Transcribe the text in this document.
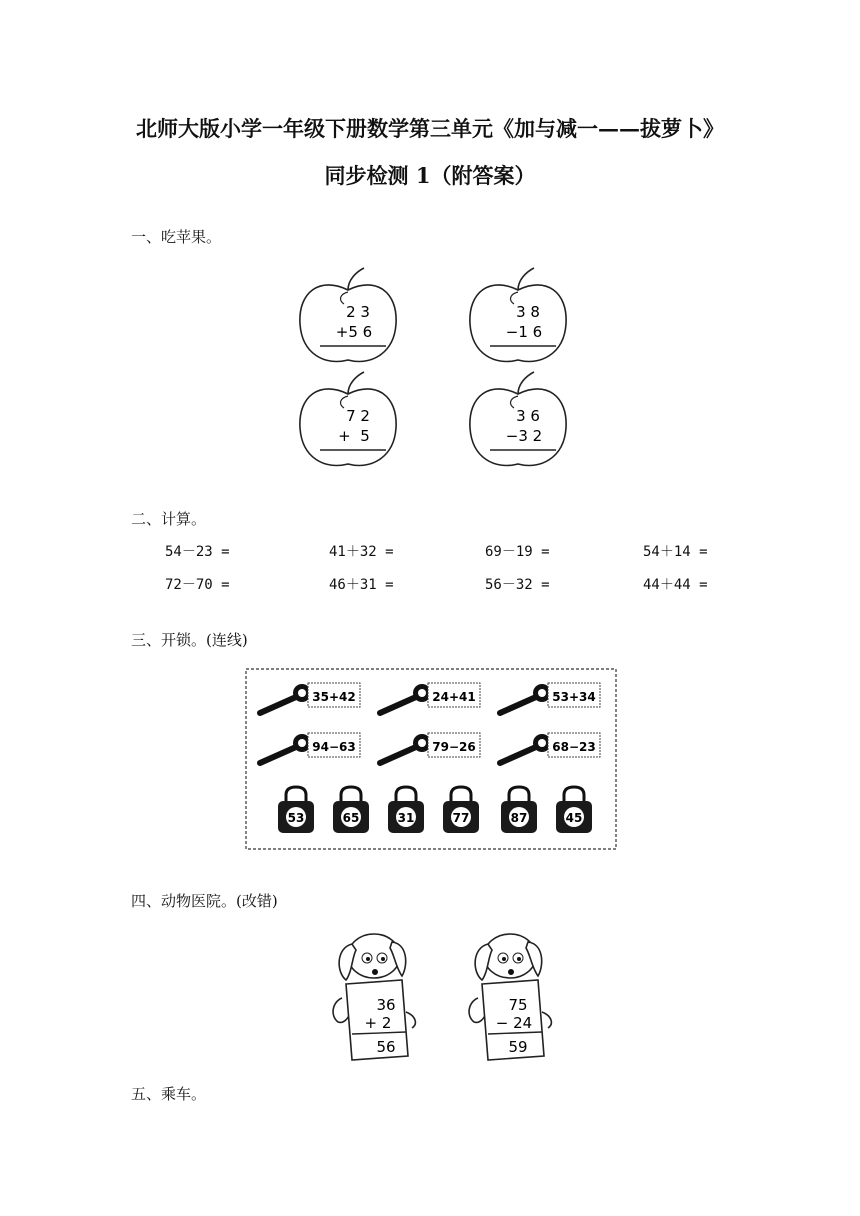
北师大版小学一年级下册数学第三单元《加与减一——拔萝卜》
同步检测 1（附答案）
一、吃苹果。
2 3
+5 6
3 8
−1 6
7 2
+  5
3 6
−3 2
二、计算。
54－23 =	41＋32 =	69－19 =	54＋14 =
72－70 =	46＋31 =	56－32 =	44＋44 =
三、开锁。(连线)
35+42	24+41	53+34
94−63	79−26	68−23
53	65	31	77	87	45
四、动物医院。(改错)
36
+ 2
56
75
− 24
59
五、乘车。
